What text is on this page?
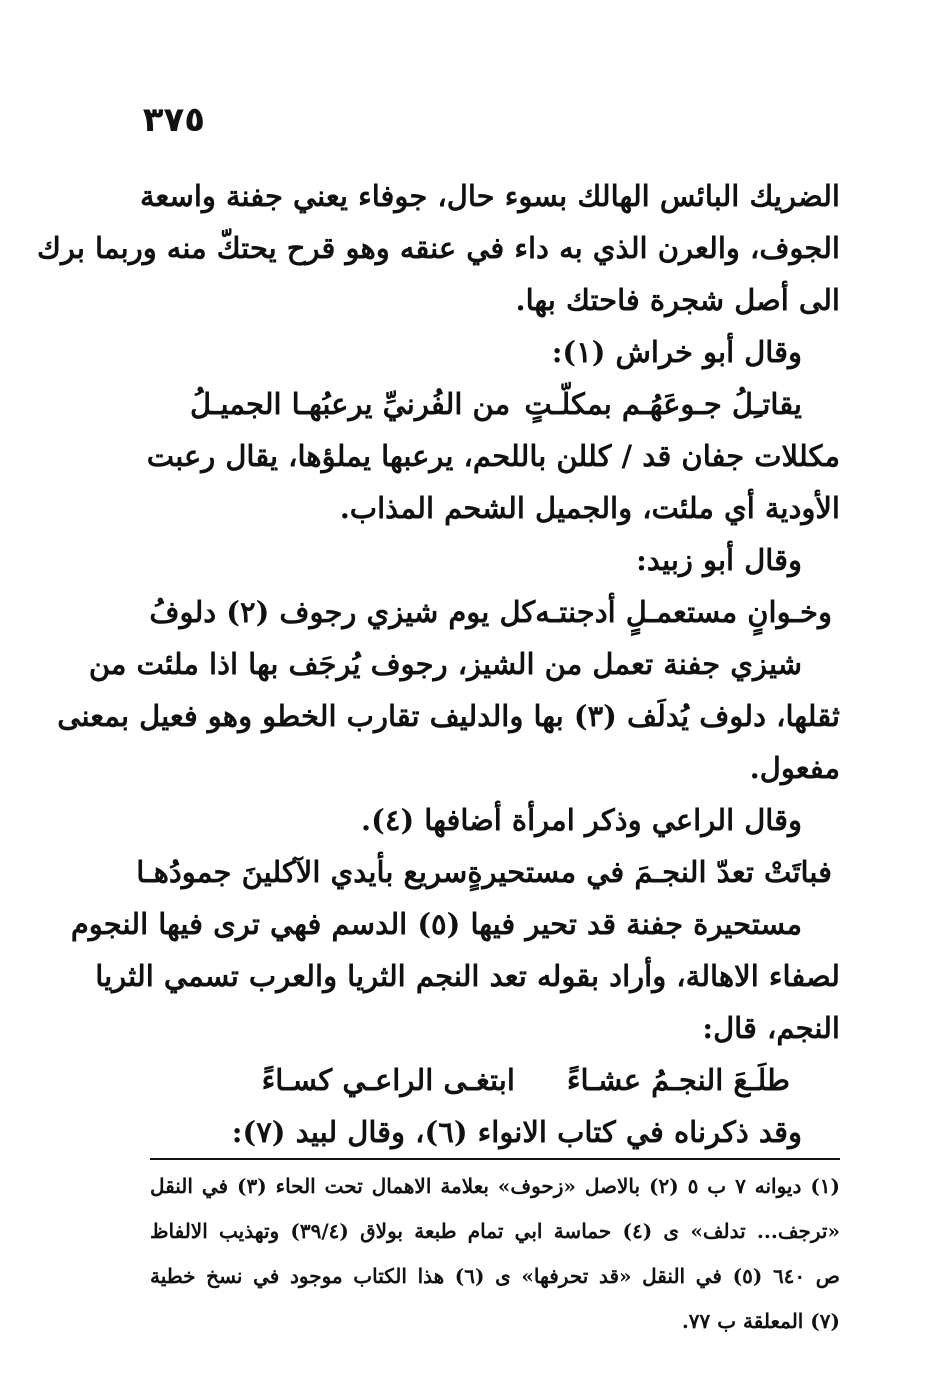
٣٧٥
الضريك البائس الهالك بسوء حال، جوفاء يعني جفنة واسعة
الجوف، والعرن الذي به داء في عنقه وهو قرح يحتكّ منه وربما برك
الى أصل شجرة فاحتك بها.
وقال أبو خراش (١):
يقاتـِلُ جـوعَهُـم بمكلّـتٍ
من الفُرنيِّ يرعبُهـا الجميـلُ
مكللات جفان قد / كللن باللحم، يرعبها يملؤها، يقال رعبت
الأودية أي ملئت، والجميل الشحم المذاب.
وقال أبو زبيد:
وخـوانٍ مستعمـلٍ أدجنتـه
كل يوم شيزي رجوف (٢) دلوفُ
شيزي جفنة تعمل من الشيز، رجوف يُرجَف بها اذا ملئت من
ثقلها، دلوف يُدلَف (٣) بها والدليف تقارب الخطو وهو فعيل بمعنى
مفعول.
وقال الراعي وذكر امرأة أضافها (٤).
فباتَتْ تعدّ النجـمَ في مستحيرةٍ
سريع بأيدي الآكلينَ جمودُهـا
مستحيرة جفنة قد تحير فيها (٥) الدسم فهي ترى فيها النجوم
لصفاء الاهالة، وأراد بقوله تعد النجم الثريا والعرب تسمي الثريا
النجم، قال:
طلَـعَ النجـمُ عشـاءً
ابتغـى الراعـي كسـاءً
وقد ذكرناه في كتاب الانواء (٦)، وقال لبيد (٧):
(١) ديوانه ٧ ب ٥ (٢) بالاصل «زحوف» بعلامة الاهمال تحت الحاء (٣) في النقل
«ترجف... تدلف» ى (٤) حماسة ابي تمام طبعة بولاق (٣٩/٤) وتهذيب الالفاظ
ص ٦٤٠ (٥) في النقل «قد تحرفها» ى (٦) هذا الكتاب موجود في نسخ خطية
(٧) المعلقة ب ٧٧.
